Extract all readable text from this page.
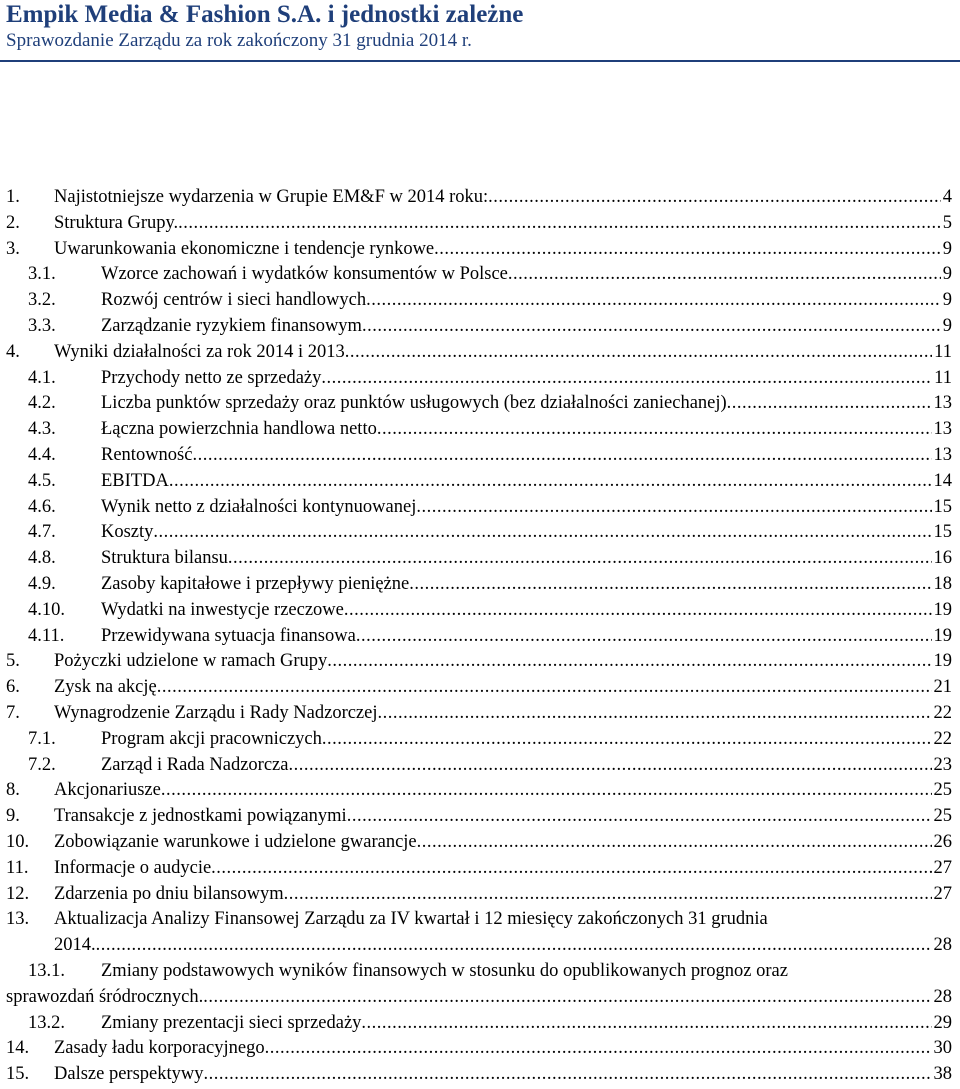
Empik Media & Fashion S.A. i jednostki zależne

Sprawozdanie Zarządu za rok zakończony 31 grudnia 2014 r.

1. Najistotniejsze wydarzenia w Grupie EM&F w 2014 roku: .....	4
2. Struktura Grupy. .....	5
3. Uwarunkowania ekonomiczne i tendencje rynkowe .....	9
3.1. Wzorce zachowań i wydatków konsumentów w Polsce .....	9
3.2. Rozwój centrów i sieci handlowych .....	9
3.3. Zarządzanie ryzykiem finansowym .....	9
4. Wyniki działalności za rok 2014 i 2013 .....	11
4.1. Przychody netto ze sprzedaży .....	11
4.2. Liczba punktów sprzedaży oraz punktów usługowych (bez działalności zaniechanej) .....	13
4.3. Łączna powierzchnia handlowa netto .....	13
4.4. Rentowność .....	13
4.5. EBITDA .....	14
4.6. Wynik netto z działalności kontynuowanej .....	15
4.7. Koszty .....	15
4.8. Struktura bilansu .....	16
4.9. Zasoby kapitałowe i przepływy pieniężne .....	18
4.10. Wydatki na inwestycje rzeczowe .....	19
4.11. Przewidywana sytuacja finansowa .....	19
5. Pożyczki udzielone w ramach Grupy .....	19
6. Zysk na akcję .....	21
7. Wynagrodzenie Zarządu i Rady Nadzorczej .....	22
7.1. Program akcji pracowniczych .....	22
7.2. Zarząd i Rada Nadzorcza .....	23
8. Akcjonariusze .....	25
9. Transakcje z jednostkami powiązanymi .....	25
10. Zobowiązanie warunkowe i udzielone gwarancje .....	26
11. Informacje o audycie .....	27
12. Zdarzenia po dniu bilansowym .....	27
13. Aktualizacja Analizy Finansowej Zarządu za IV kwartał i 12 miesięcy zakończonych 31 grudnia
2014. .....	28
13.1. Zmiany podstawowych wyników finansowych w stosunku do opublikowanych prognoz oraz
sprawozdań śródrocznych. .....	28
13.2. Zmiany prezentacji sieci sprzedaży .....	29
14. Zasady ładu korporacyjnego .....	30
15. Dalsze perspektywy .....	38
